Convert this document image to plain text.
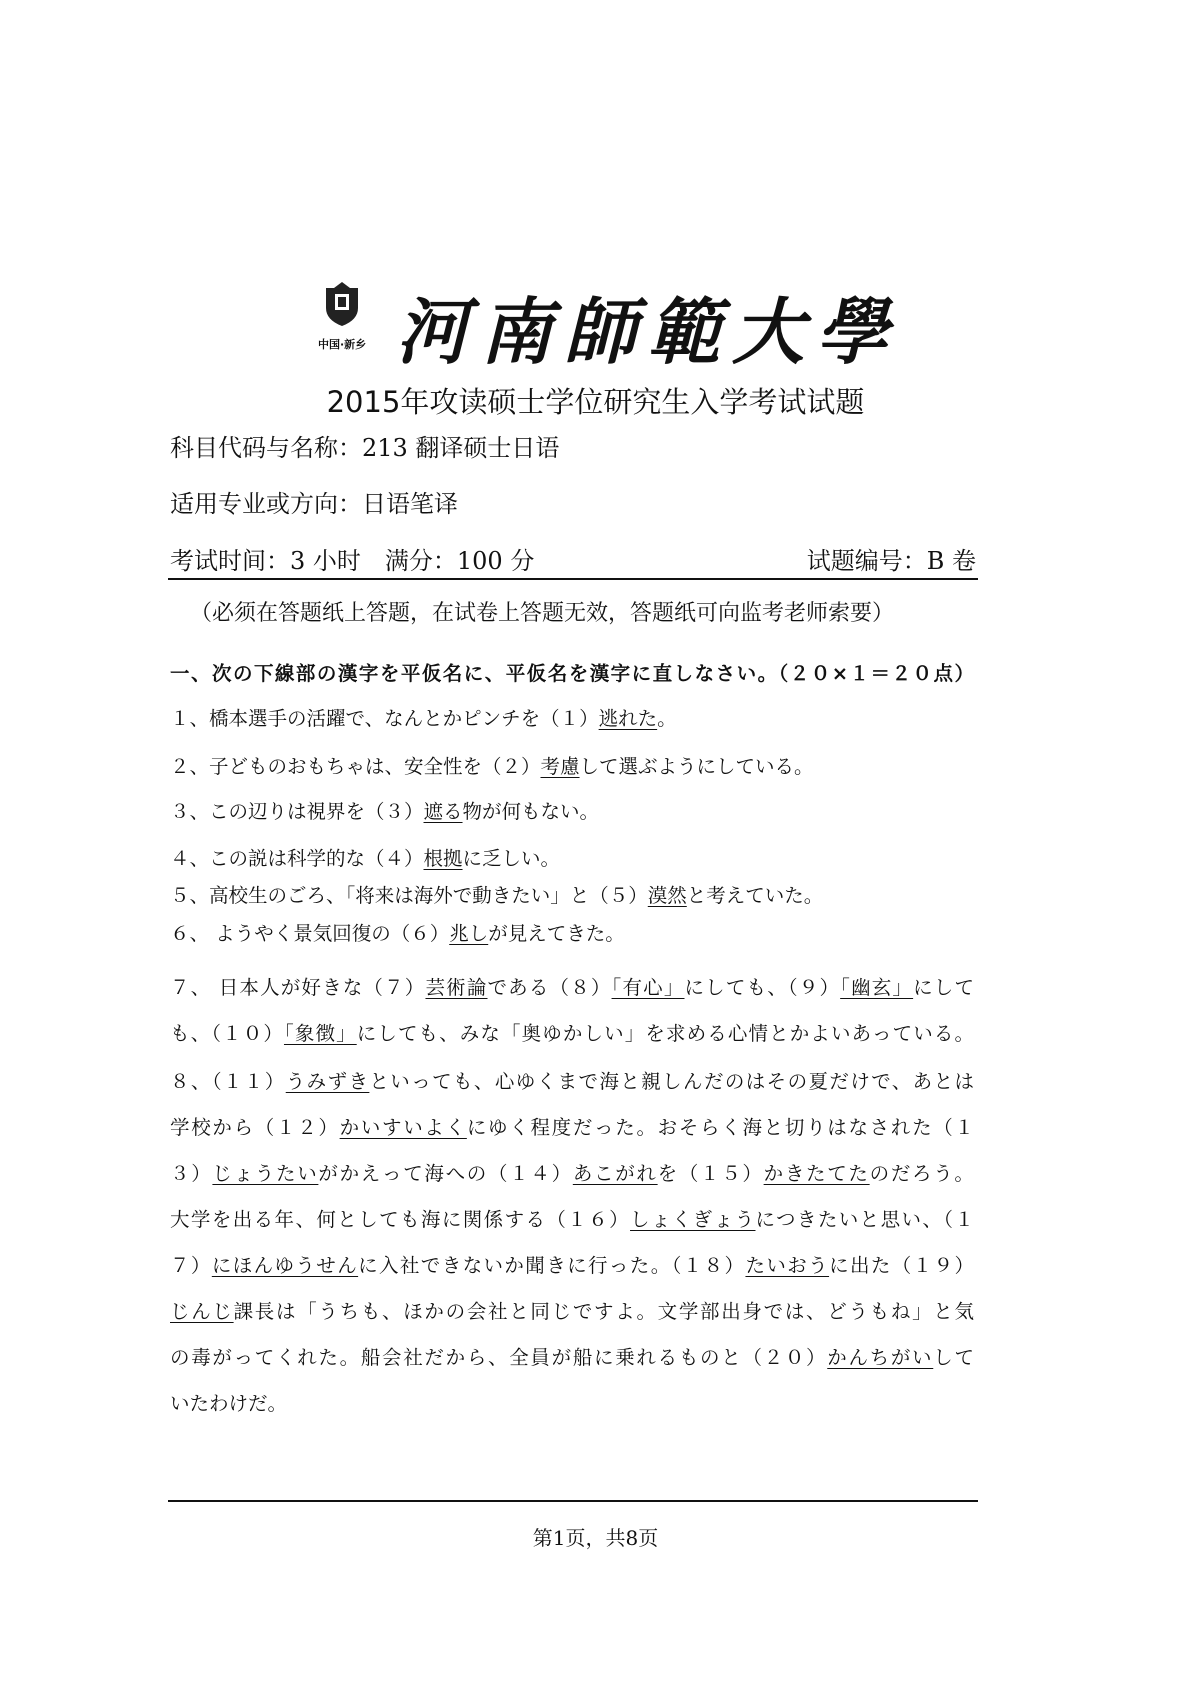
中国·新乡 河南師範大學
2015年攻读硕士学位研究生入学考试试题
科目代码与名称：213 翻译硕士日语
适用专业或方向：日语笔译
考试时间：3 小时　满分：100 分	试题编号：B 卷
（必须在答题纸上答题，在试卷上答题无效，答题纸可向监考老师索要）
一、次の下線部の漢字を平仮名に、平仮名を漢字に直しなさい。（２０×１＝２０点）
１、橋本選手の活躍で、なんとかピンチを（１）逃れた。
２、子どものおもちゃは、安全性を（２）考慮して選ぶようにしている。
３、この辺りは視界を（３）遮る物が何もない。
４、この説は科学的な（４）根拠に乏しい。
５、高校生のごろ、「将来は海外で動きたい」と（５）漠然と考えていた。
６、 ようやく景気回復の（６）兆しが見えてきた。
７、 日本人が好きな（７）芸術論である（８）「有心」にしても、（９）「幽玄」にして
も、（１０）「象徴」にしても、みな「奥ゆかしい」を求める心情とかよいあっている。
８、（１１）うみずきといっても、心ゆくまで海と親しんだのはその夏だけで、あとは
学校から（１２）かいすいよくにゆく程度だった。おそらく海と切りはなされた（１
３）じょうたいがかえって海への（１４）あこがれを（１５）かきたてたのだろう。
大学を出る年、何としても海に関係する（１６）しょくぎょうにつきたいと思い、（１
７）にほんゆうせんに入社できないか聞きに行った。（１８）たいおうに出た（１９）
じんじ課長は「うちも、ほかの会社と同じですよ。文学部出身では、どうもね」と気
の毒がってくれた。船会社だから、全員が船に乗れるものと（２０）かんちがいして
いたわけだ。
第1页，共8页
